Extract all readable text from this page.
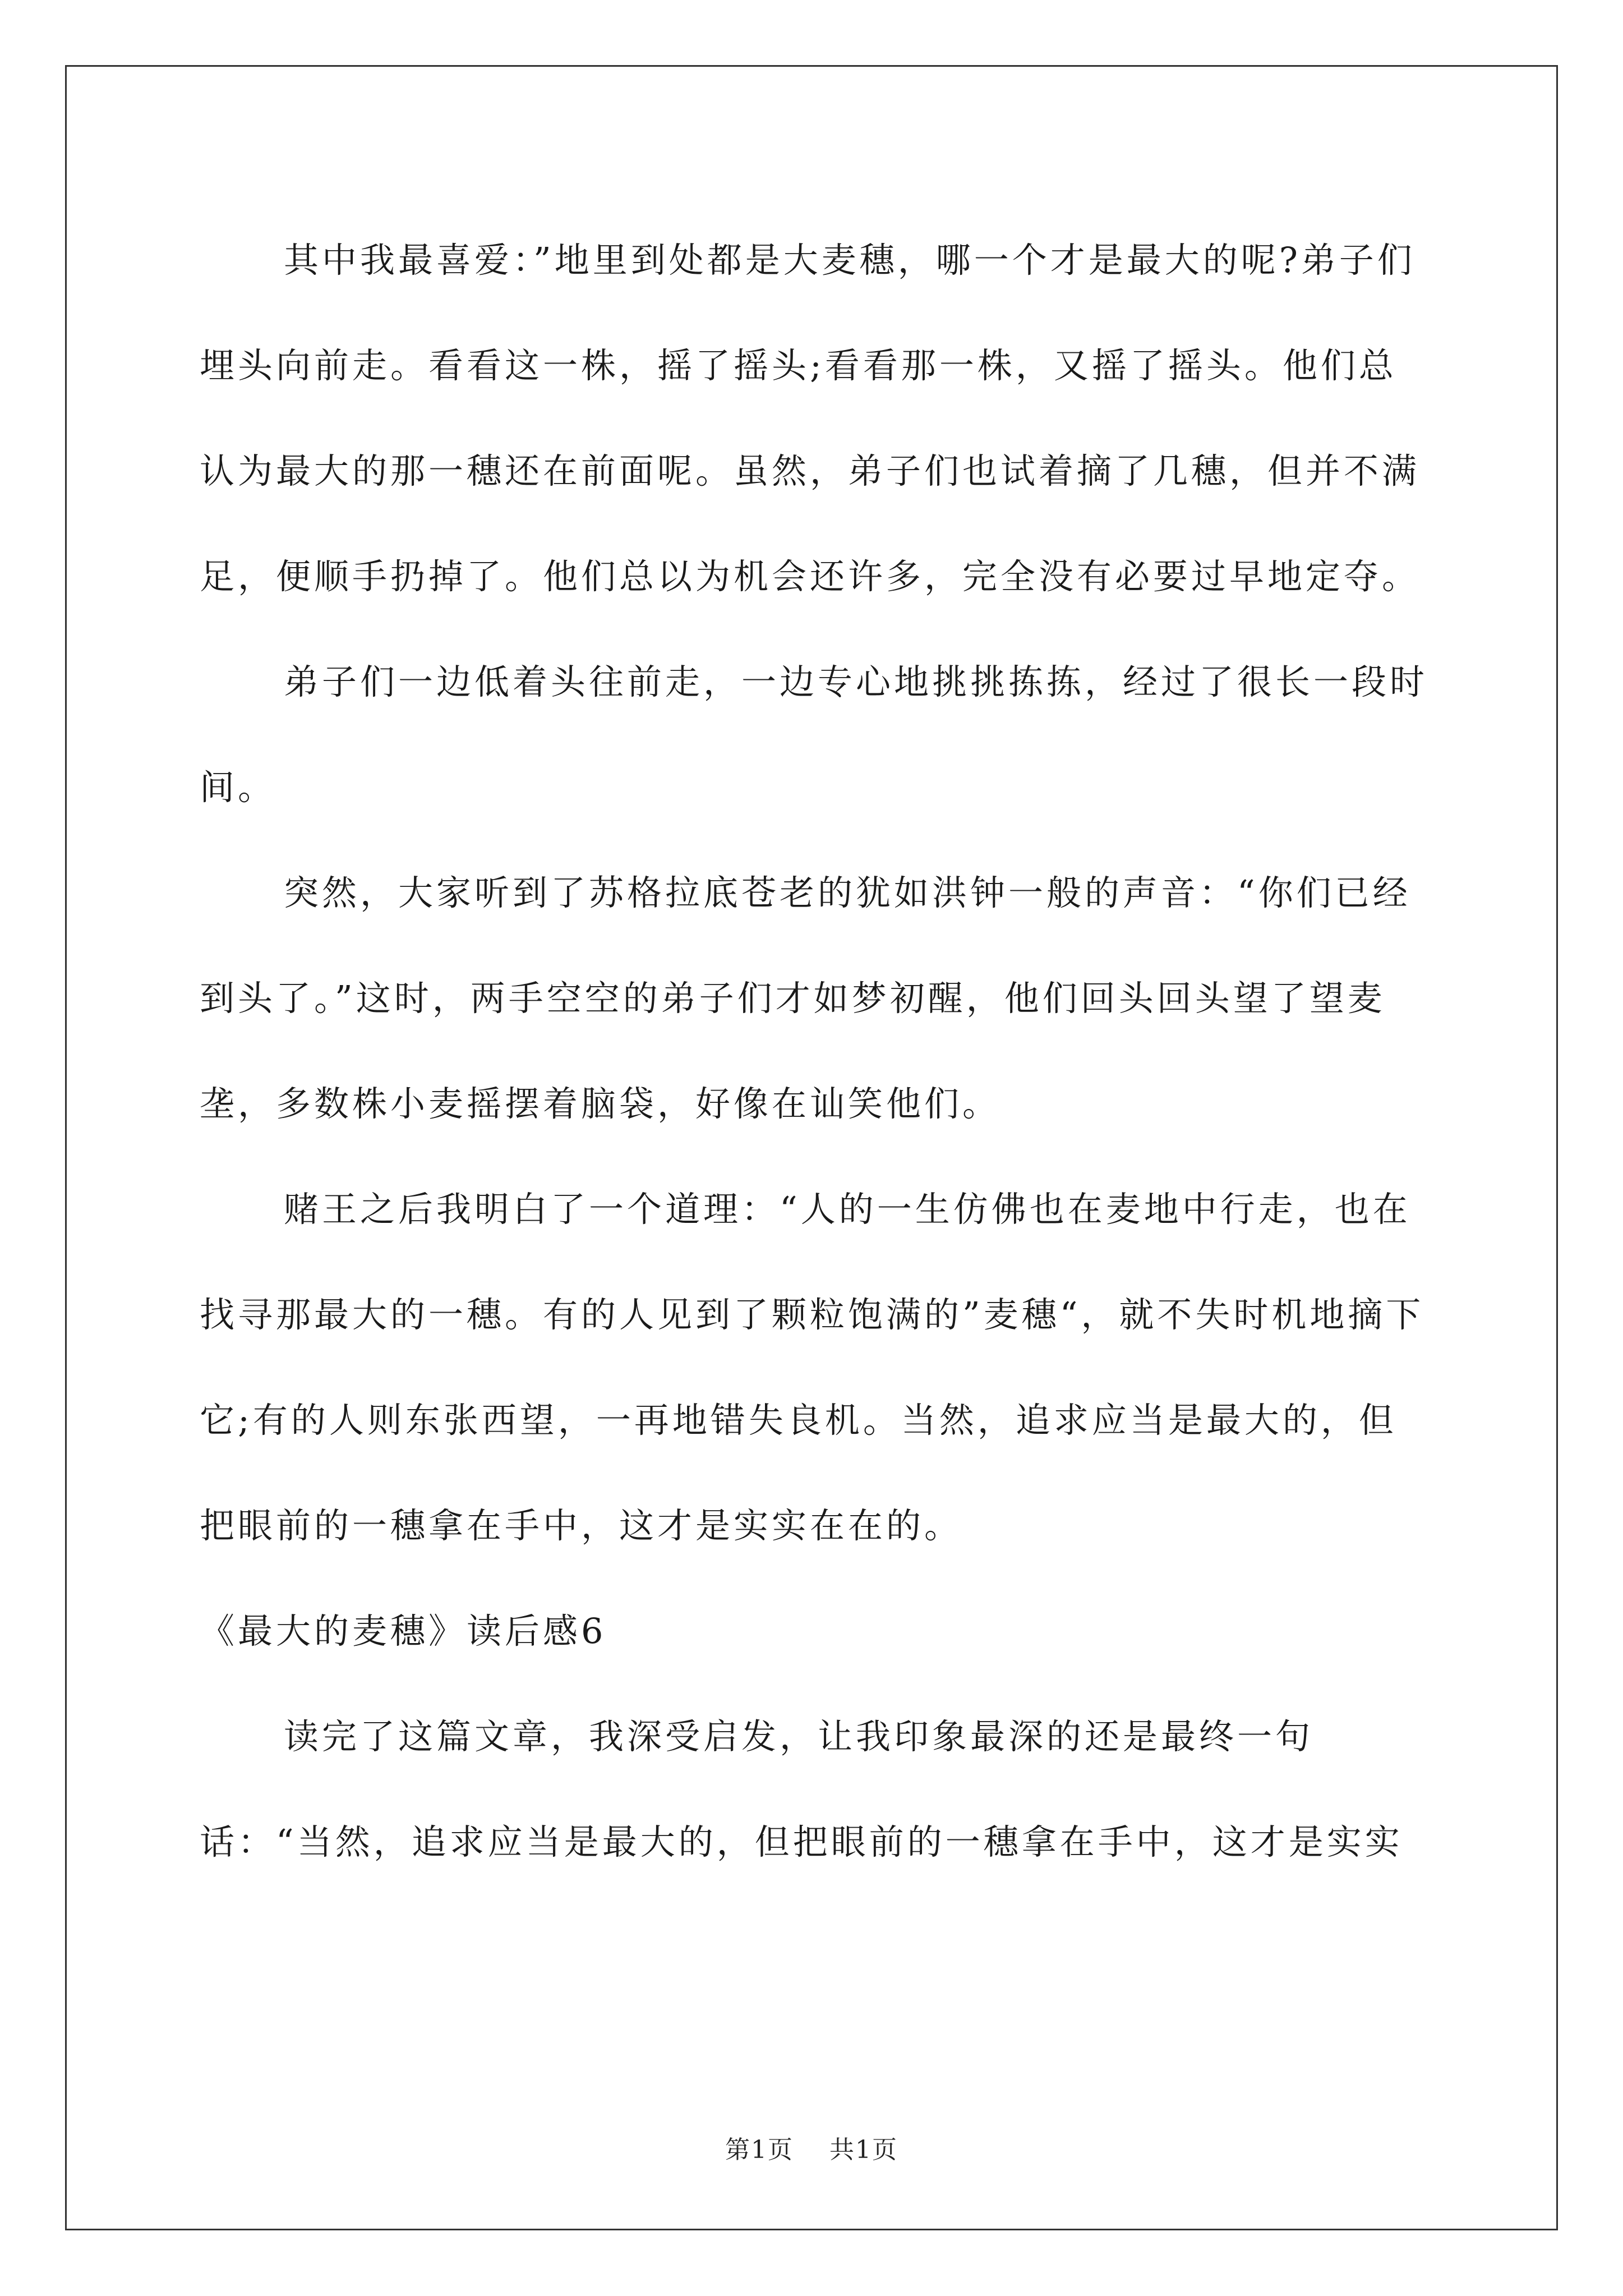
其中我最喜爱：”地里到处都是大麦穗，哪一个才是最大的呢?弟子们埋头向前走。看看这一株，摇了摇头;看看那一株，又摇了摇头。他们总认为最大的那一穗还在前面呢。虽然，弟子们也试着摘了几穗，但并不满足，便顺手扔掉了。他们总以为机会还许多，完全没有必要过早地定夺。

弟子们一边低着头往前走，一边专心地挑挑拣拣，经过了很长一段时间。

突然，大家听到了苏格拉底苍老的犹如洪钟一般的声音：“你们已经到头了。”这时，两手空空的弟子们才如梦初醒，他们回头回头望了望麦垄，多数株小麦摇摆着脑袋，好像在讪笑他们。

赌王之后我明白了一个道理：“人的一生仿佛也在麦地中行走，也在找寻那最大的一穗。有的人见到了颗粒饱满的”麦穗“，就不失时机地摘下它;有的人则东张西望，一再地错失良机。当然，追求应当是最大的，但把眼前的一穗拿在手中，这才是实实在在的。

《最大的麦穗》读后感6

读完了这篇文章，我深受启发，让我印象最深的还是最终一句话：“当然，追求应当是最大的，但把眼前的一穗拿在手中，这才是实实

第1页 共1页
